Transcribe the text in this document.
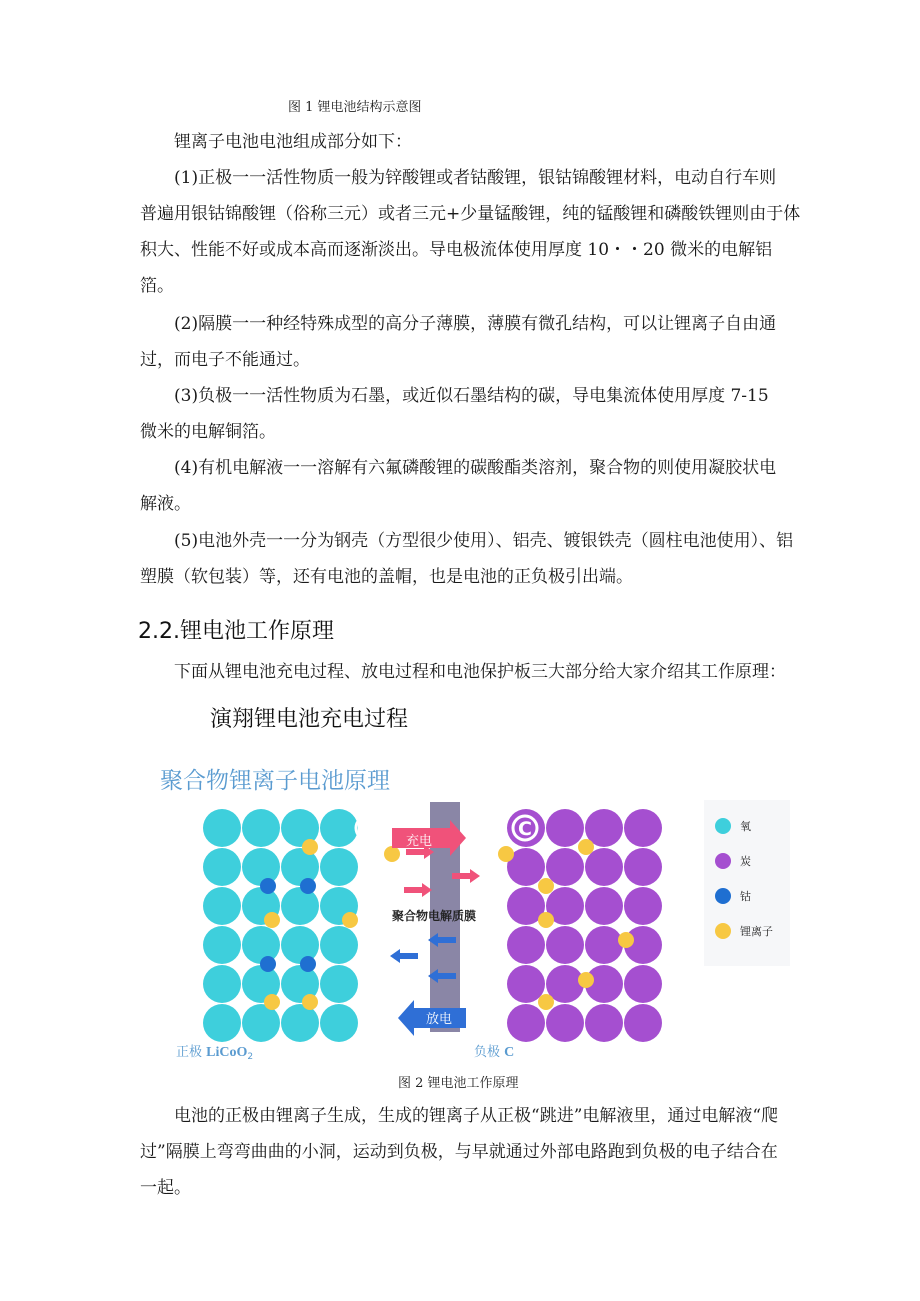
图 1 锂电池结构示意图

锂离子电池电池组成部分如下：

(1)正极一一活性物质一般为锌酸锂或者钴酸锂，银钴锦酸锂材料，电动自行车则
普遍用银钴锦酸锂（俗称三元）或者三元+少量锰酸锂，纯的锰酸锂和磷酸铁锂则由于体
积大、性能不好或成本高而逐渐淡出。导电极流体使用厚度 10・・20 微米的电解铝
箔。

(2)隔膜一一种经特殊成型的高分子薄膜，薄膜有微孔结构，可以让锂离子自由通
过，而电子不能通过。

(3)负极一一活性物质为石墨，或近似石墨结构的碳，导电集流体使用厚度 7-15
微米的电解铜箔。

(4)有机电解液一一溶解有六氟磷酸锂的碳酸酯类溶剂，聚合物的则使用凝胶状电
解液。

(5)电池外壳一一分为钢壳（方型很少使用）、铝壳、镀银铁壳（圆柱电池使用）、铝
塑膜（软包装）等，还有电池的盖帽，也是电池的正负极引出端。

2.2.锂电池工作原理

下面从锂电池充电过程、放电过程和电池保护板三大部分给大家介绍其工作原理：

演翔锂电池充电过程
聚合物锂离子电池原理
充电
放电
聚合物电解质膜
O	C	氧
炭
钴
锂离子
正极 LiCoO$_2$	负极 C
图 2 锂电池工作原理

电池的正极由锂离子生成，生成的锂离子从正极“跳进”电解液里，通过电解液“爬
过”隔膜上弯弯曲曲的小洞，运动到负极，与早就通过外部电路跑到负极的电子结合在
一起。
